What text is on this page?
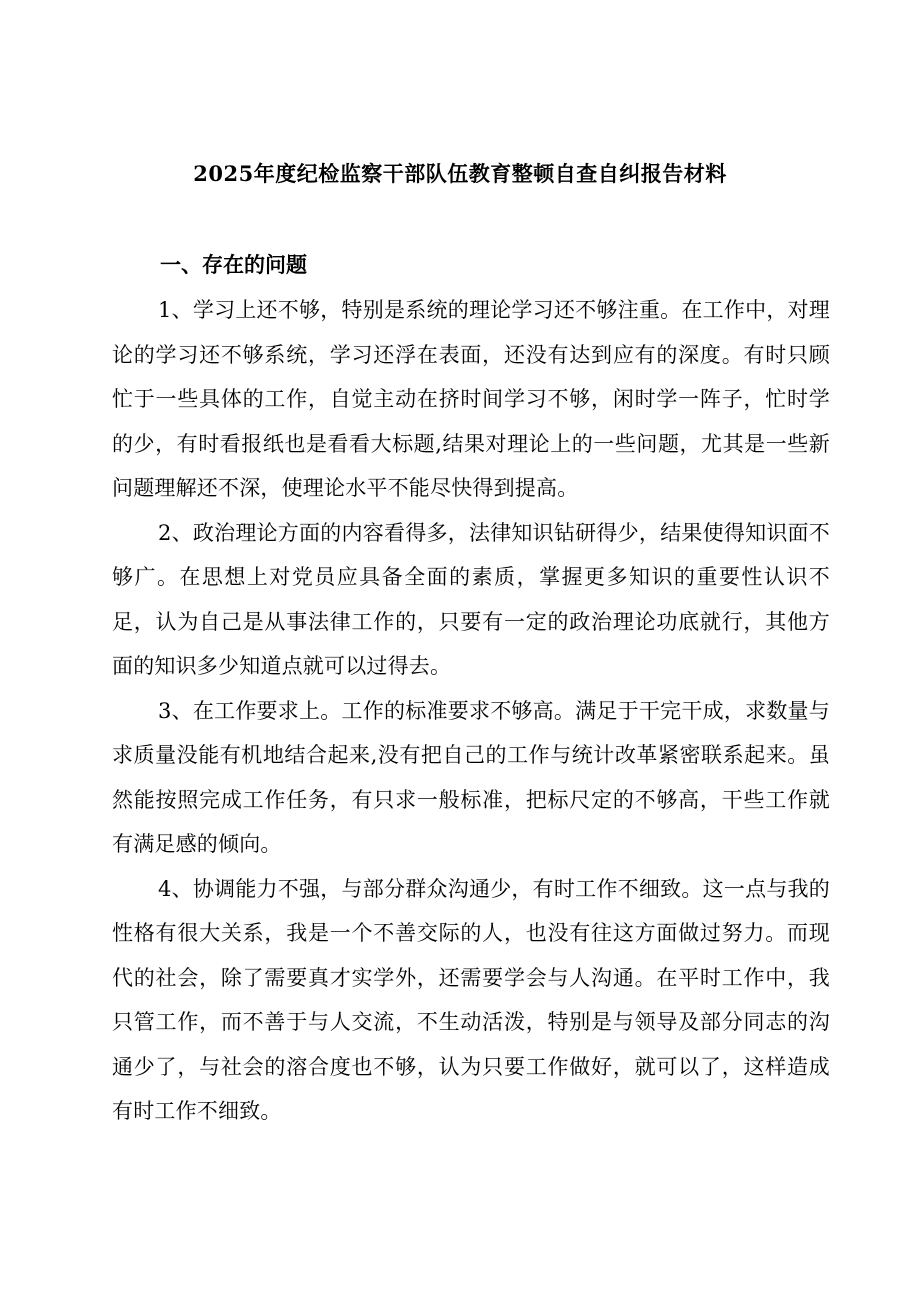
2025年度纪检监察干部队伍教育整顿自查自纠报告材料
一、存在的问题

1、学习上还不够，特别是系统的理论学习还不够注重。在工作中，对理论的学习还不够系统，学习还浮在表面，还没有达到应有的深度。有时只顾忙于一些具体的工作，自觉主动在挤时间学习不够，闲时学一阵子，忙时学的少，有时看报纸也是看看大标题,结果对理论上的一些问题，尤其是一些新问题理解还不深，使理论水平不能尽快得到提高。

2、政治理论方面的内容看得多，法律知识钻研得少，结果使得知识面不够广。在思想上对党员应具备全面的素质，掌握更多知识的重要性认识不足，认为自己是从事法律工作的，只要有一定的政治理论功底就行，其他方面的知识多少知道点就可以过得去。

3、在工作要求上。工作的标准要求不够高。满足于干完干成，求数量与求质量没能有机地结合起来,没有把自己的工作与统计改革紧密联系起来。虽然能按照完成工作任务，有只求一般标准，把标尺定的不够高，干些工作就有满足感的倾向。

4、协调能力不强，与部分群众沟通少，有时工作不细致。这一点与我的性格有很大关系，我是一个不善交际的人，也没有往这方面做过努力。而现代的社会，除了需要真才实学外，还需要学会与人沟通。在平时工作中，我只管工作，而不善于与人交流，不生动活泼，特别是与领导及部分同志的沟通少了，与社会的溶合度也不够，认为只要工作做好，就可以了，这样造成有时工作不细致。
